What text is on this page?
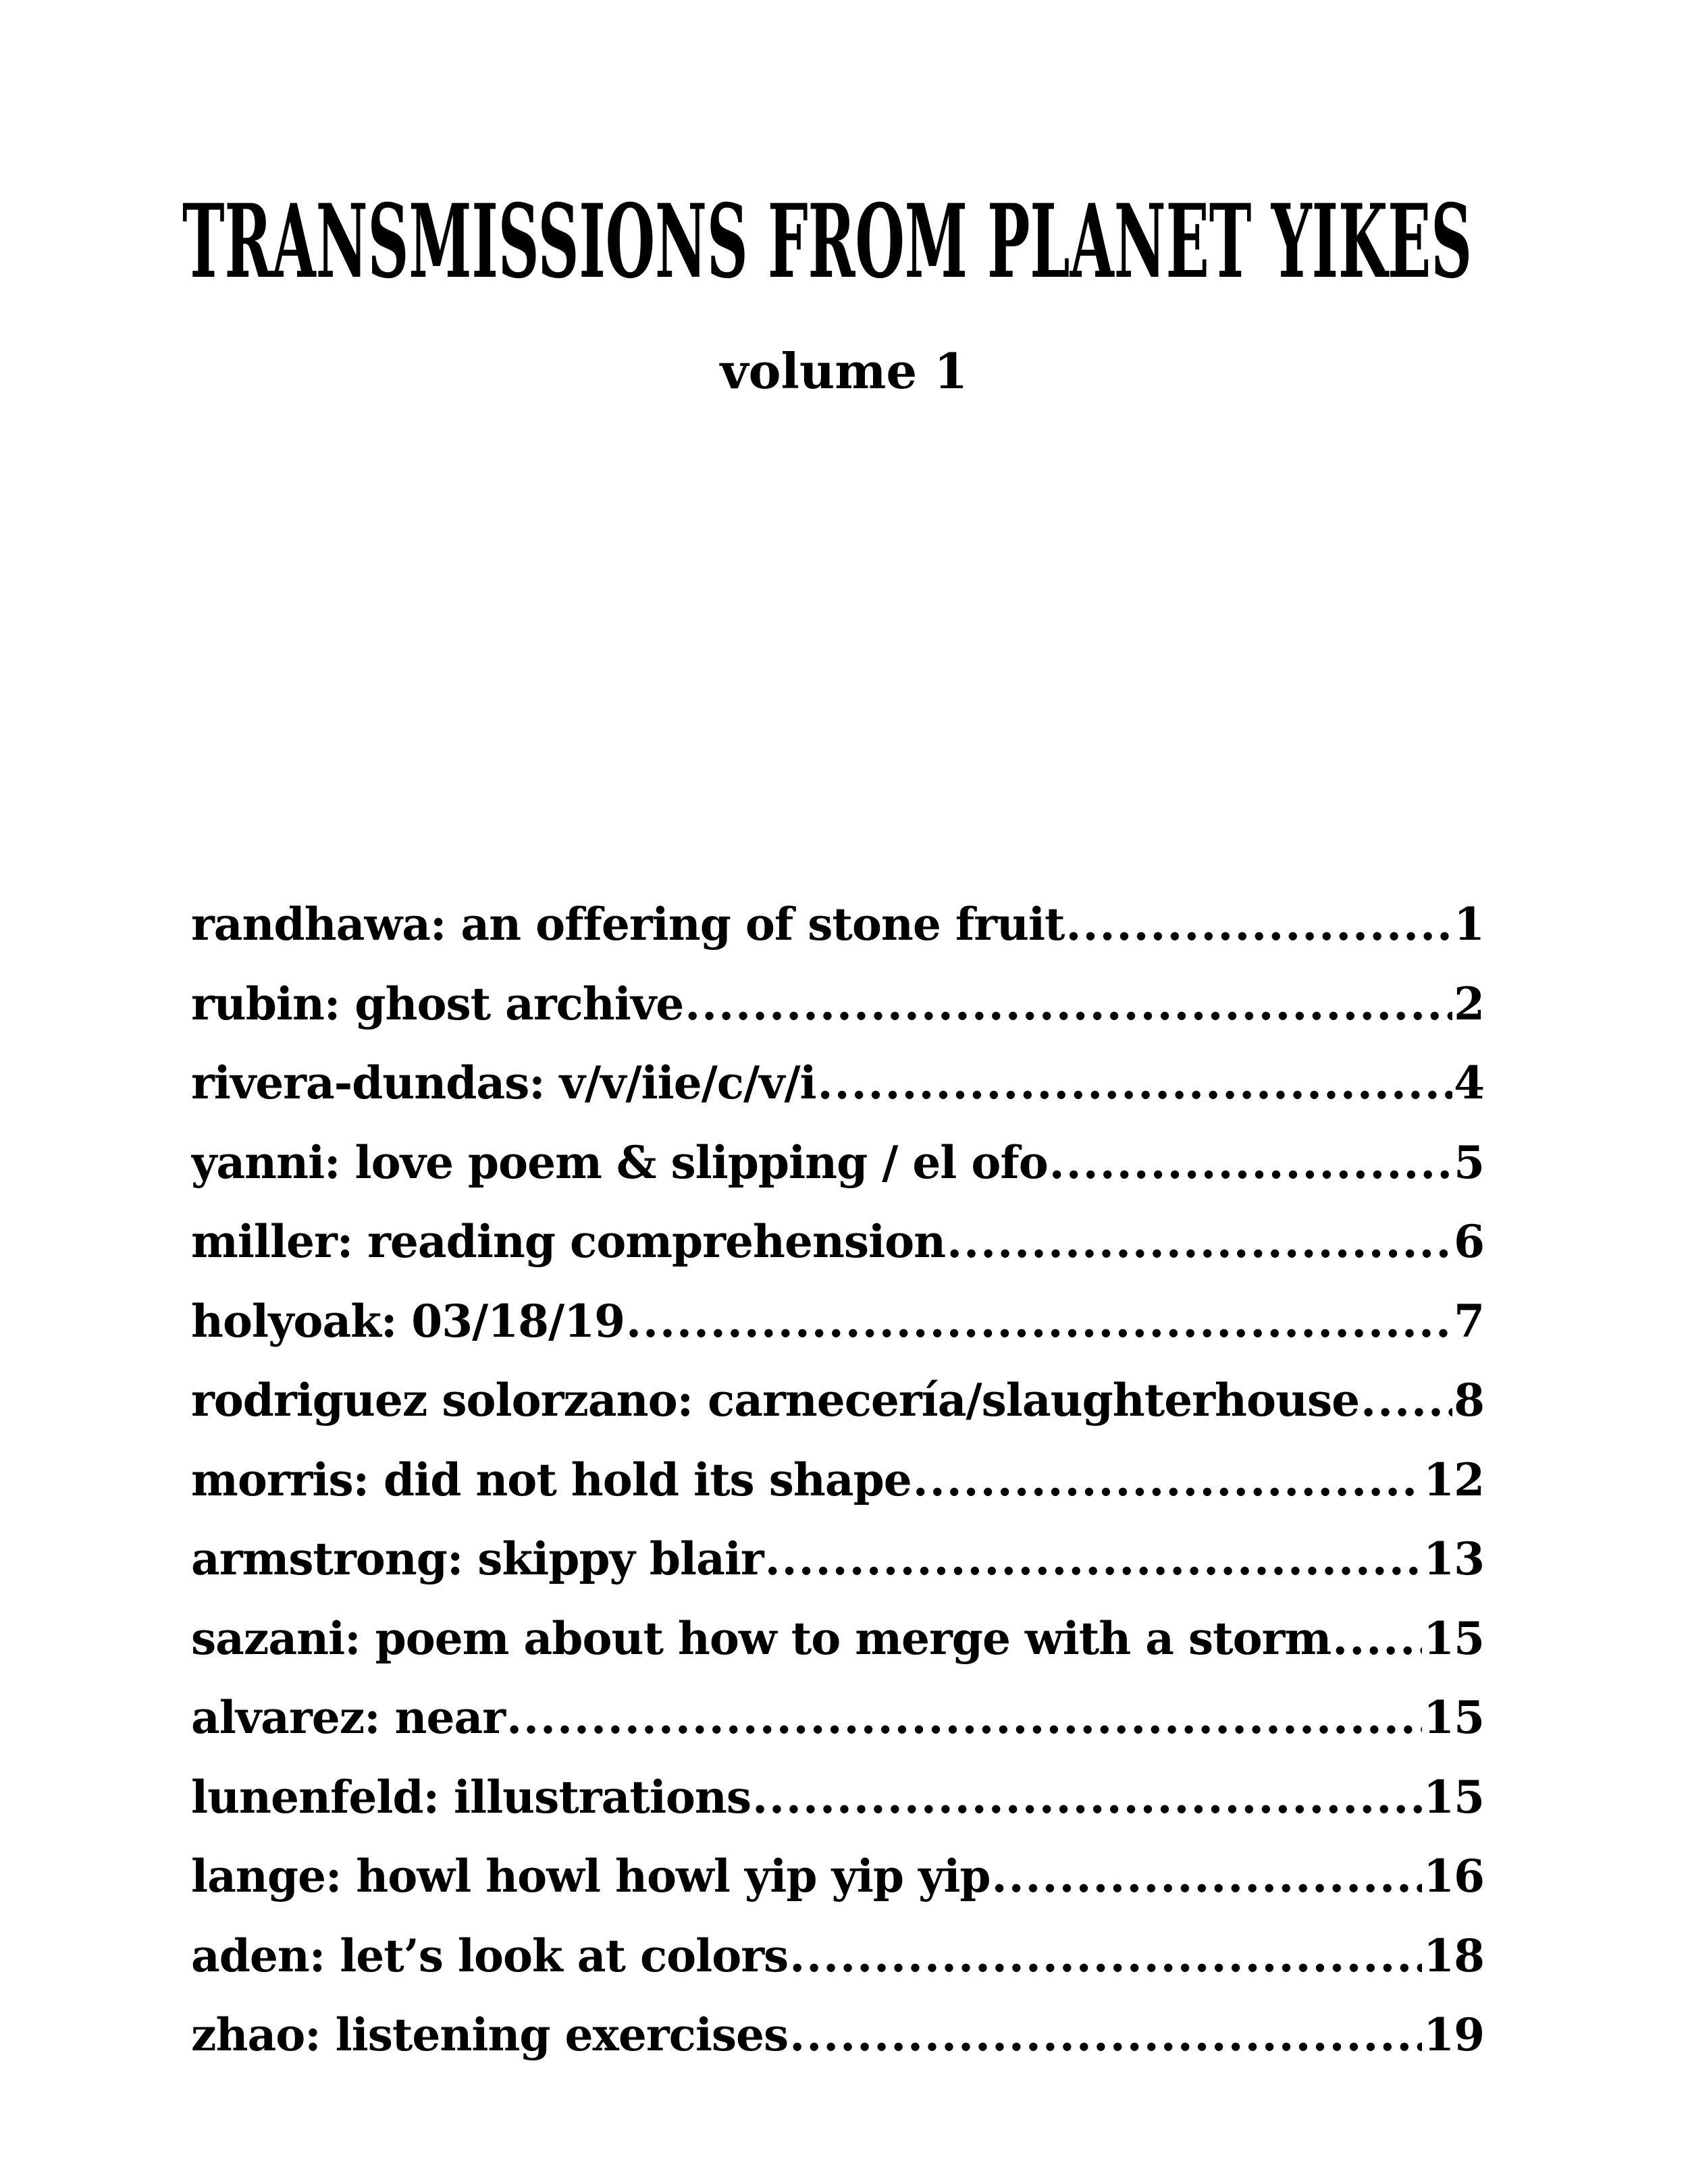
TRANSMISSIONS FROM PLANET YIKES
volume 1
randhawa: an offering of stone fruit .....	1
rubin: ghost archive .....	2
rivera-dundas: v/v/iie/c/v/i .....	4
yanni: love poem & slipping / el ofo .....	5
miller: reading comprehension .....	6
holyoak: 03/18/19 .....	7
rodriguez solorzano: carnecería/slaughterhouse ..... 8
morris: did not hold its shape .....	12
armstrong: skippy blair .....	13
sazani: poem about how to merge with a storm ..... 15
alvarez: near .....	15
lunenfeld: illustrations .....	15
lange: howl howl howl yip yip yip .....	16
aden: let’s look at colors .....	18
zhao: listening exercises .....	19
